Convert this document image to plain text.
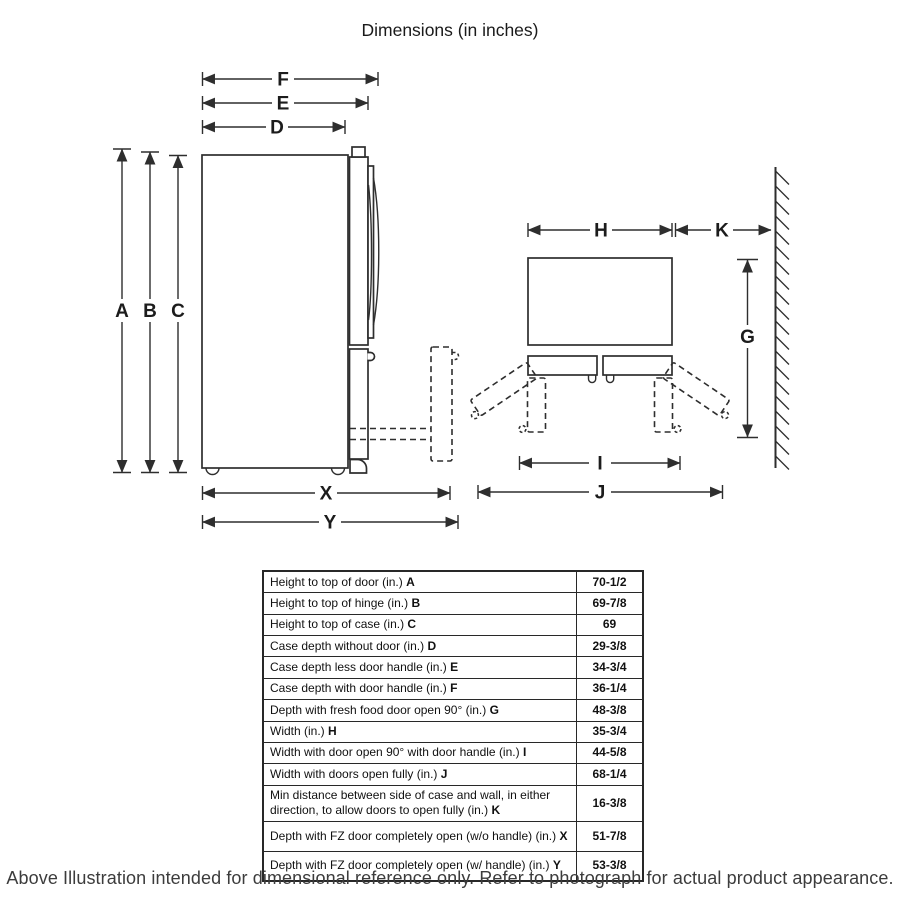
Dimensions (in inches)
F
E
D
A B C
X
Y
H	K
G
I
J
Height to top of door (in.) A	70-1/2
Height to top of hinge (in.) B	69-7/8
Height to top of case (in.) C	69
Case depth without door (in.) D	29-3/8
Case depth less door handle (in.) E	34-3/4
Case depth with door handle (in.) F	36-1/4
Depth with fresh food door open 90° (in.) G	48-3/8
Width (in.) H	35-3/4
Width with door open 90° with door handle (in.) I	44-5/8
Width with doors open fully (in.) J	68-1/4
Min distance between side of case and wall, in either direction, to allow doors to open fully (in.) K	16-3/8
Depth with FZ door completely open (w/o handle) (in.) X	51-7/8
Depth with FZ door completely open (w/ handle) (in.) Y	53-3/8
Above Illustration intended for dimensional reference only. Refer to photograph for actual product appearance.
